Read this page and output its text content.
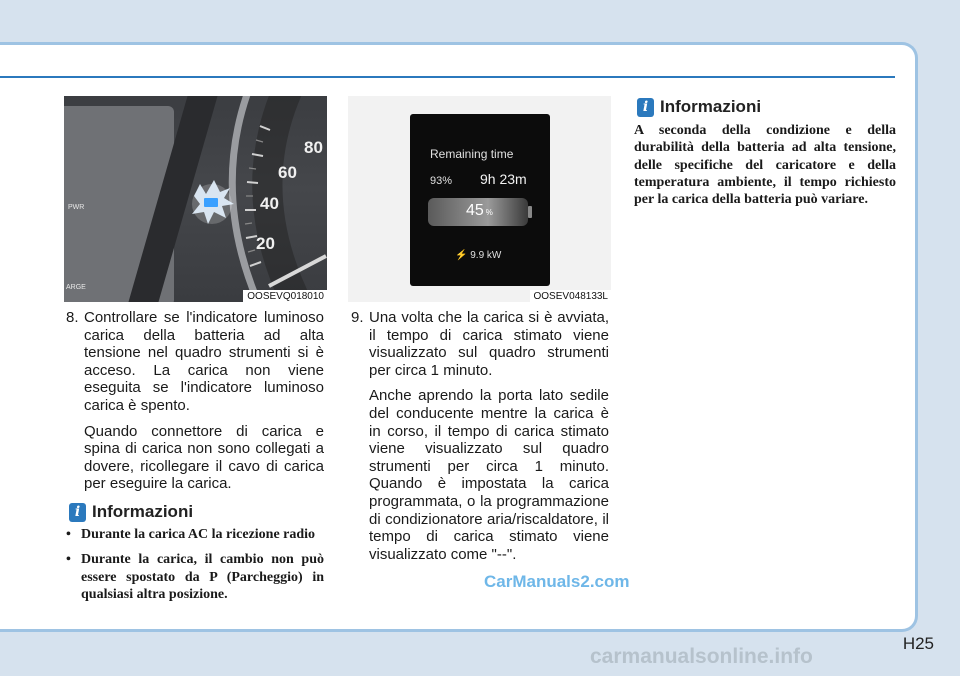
PWR
ARGE
80
60
40
20
OOSEVQ018010
Remaining time
93% 9h 23m
45 %
⚡ 9.9 kW
OOSEV048133L
8. Controllare se l'indicatore luminoso carica della batteria ad alta tensione nel quadro strumenti si è acceso. La carica non viene eseguita se l'indicatore luminoso carica è spento.

Quando connettore di carica e spina di carica non sono collegati a dovere, ricollegare il cavo di carica per eseguire la carica.

i Informazioni
• Durante la carica AC la ricezione radio
• Durante la carica, il cambio non può essere spostato da P (Parcheggio) in qualsiasi altra posizione.
9. Una volta che la carica si è avviata, il tempo di carica stimato viene visualizzato sul quadro strumenti per circa 1 minuto.

Anche aprendo la porta lato sedile del conducente mentre la carica è in corso, il tempo di carica stimato viene visualizzato sul quadro strumenti per circa 1 minuto. Quando è impostata la carica programmata, o la programmazione di condizionatore aria/riscaldatore, il tempo di carica stimato viene visualizzato come "--".

i Informazioni
A seconda della condizione e della durabilità della batteria ad alta tensione, delle specifiche del caricatore e della temperatura ambiente, il tempo richiesto per la carica della batteria può variare.
CarManuals2.com
H25
carmanualsonline.info
